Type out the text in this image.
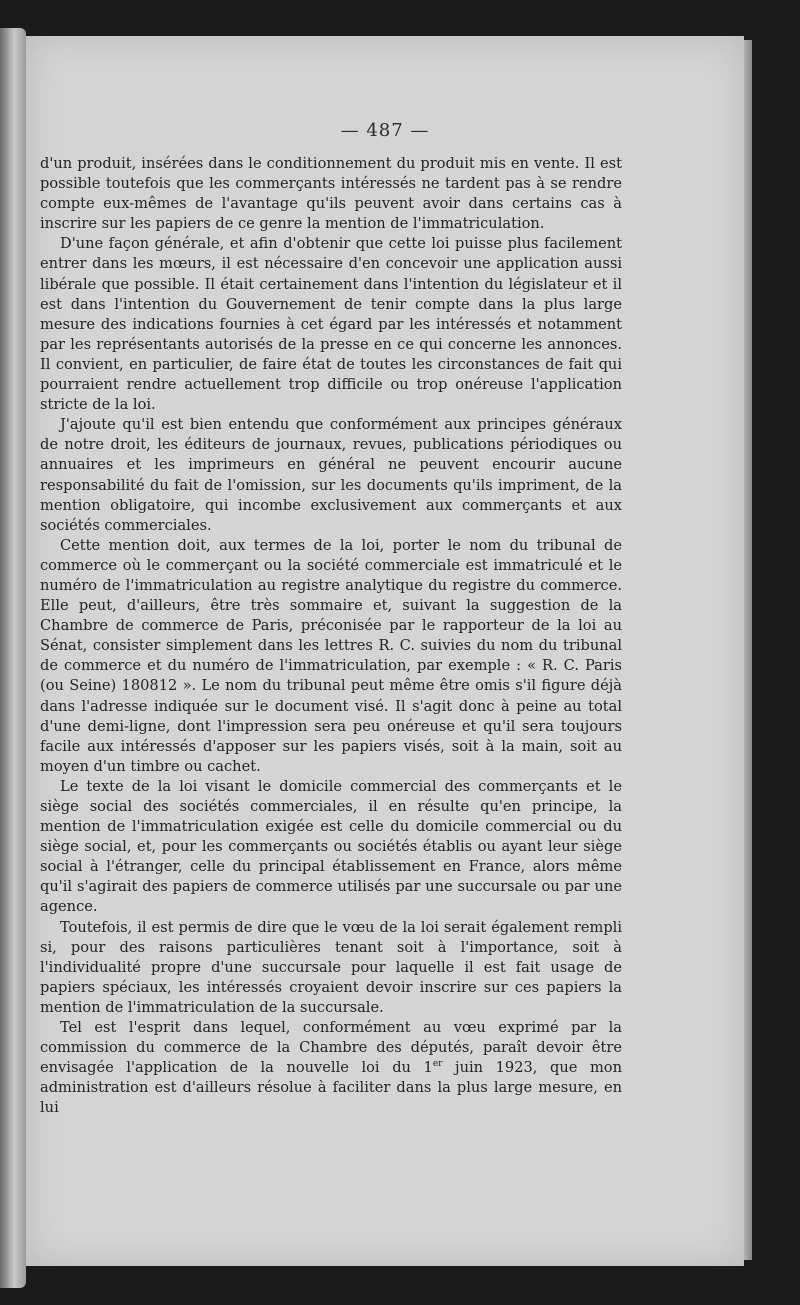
— 487 —

d'un produit, insérées dans le conditionnement du produit mis en vente. Il est possible toutefois que les commerçants intéressés ne tardent pas à se rendre compte eux-mêmes de l'avantage qu'ils peuvent avoir dans certains cas à inscrire sur les papiers de ce genre la mention de l'immatriculation.

D'une façon générale, et afin d'obtenir que cette loi puisse plus facilement entrer dans les mœurs, il est nécessaire d'en concevoir une application aussi libérale que possible. Il était certainement dans l'intention du législateur et il est dans l'intention du Gouvernement de tenir compte dans la plus large mesure des indications fournies à cet égard par les intéressés et notamment par les représentants autorisés de la presse en ce qui concerne les annonces. Il convient, en particulier, de faire état de toutes les circonstances de fait qui pourraient rendre actuellement trop difficile ou trop onéreuse l'application stricte de la loi.

J'ajoute qu'il est bien entendu que conformément aux principes généraux de notre droit, les éditeurs de journaux, revues, publications périodiques ou annuaires et les imprimeurs en général ne peuvent encourir aucune responsabilité du fait de l'omission, sur les documents qu'ils impriment, de la mention obligatoire, qui incombe exclusivement aux commerçants et aux sociétés commerciales.

Cette mention doit, aux termes de la loi, porter le nom du tribunal de commerce où le commerçant ou la société commerciale est immatriculé et le numéro de l'immatriculation au registre analytique du registre du commerce. Elle peut, d'ailleurs, être très sommaire et, suivant la suggestion de la Chambre de commerce de Paris, préconisée par le rapporteur de la loi au Sénat, consister simplement dans les lettres R. C. suivies du nom du tribunal de commerce et du numéro de l'immatriculation, par exemple : « R. C. Paris (ou Seine) 180812 ». Le nom du tribunal peut même être omis s'il figure déjà dans l'adresse indiquée sur le document visé. Il s'agit donc à peine au total d'une demi-ligne, dont l'impression sera peu onéreuse et qu'il sera toujours facile aux intéressés d'apposer sur les papiers visés, soit à la main, soit au moyen d'un timbre ou cachet.

Le texte de la loi visant le domicile commercial des commerçants et le siège social des sociétés commerciales, il en résulte qu'en principe, la mention de l'immatriculation exigée est celle du domicile commercial ou du siège social, et, pour les commerçants ou sociétés établis ou ayant leur siège social à l'étranger, celle du principal établissement en France, alors même qu'il s'agirait des papiers de commerce utilisés par une succursale ou par une agence.

Toutefois, il est permis de dire que le vœu de la loi serait également rempli si, pour des raisons particulières tenant soit à l'importance, soit à l'individualité propre d'une succursale pour laquelle il est fait usage de papiers spéciaux, les intéressés croyaient devoir inscrire sur ces papiers la mention de l'immatriculation de la succursale.

Tel est l'esprit dans lequel, conformément au vœu exprimé par la commission du commerce de la Chambre des députés, paraît devoir être envisagée l'application de la nouvelle loi du 1er juin 1923, que mon administration est d'ailleurs résolue à faciliter dans la plus large mesure, en lui
